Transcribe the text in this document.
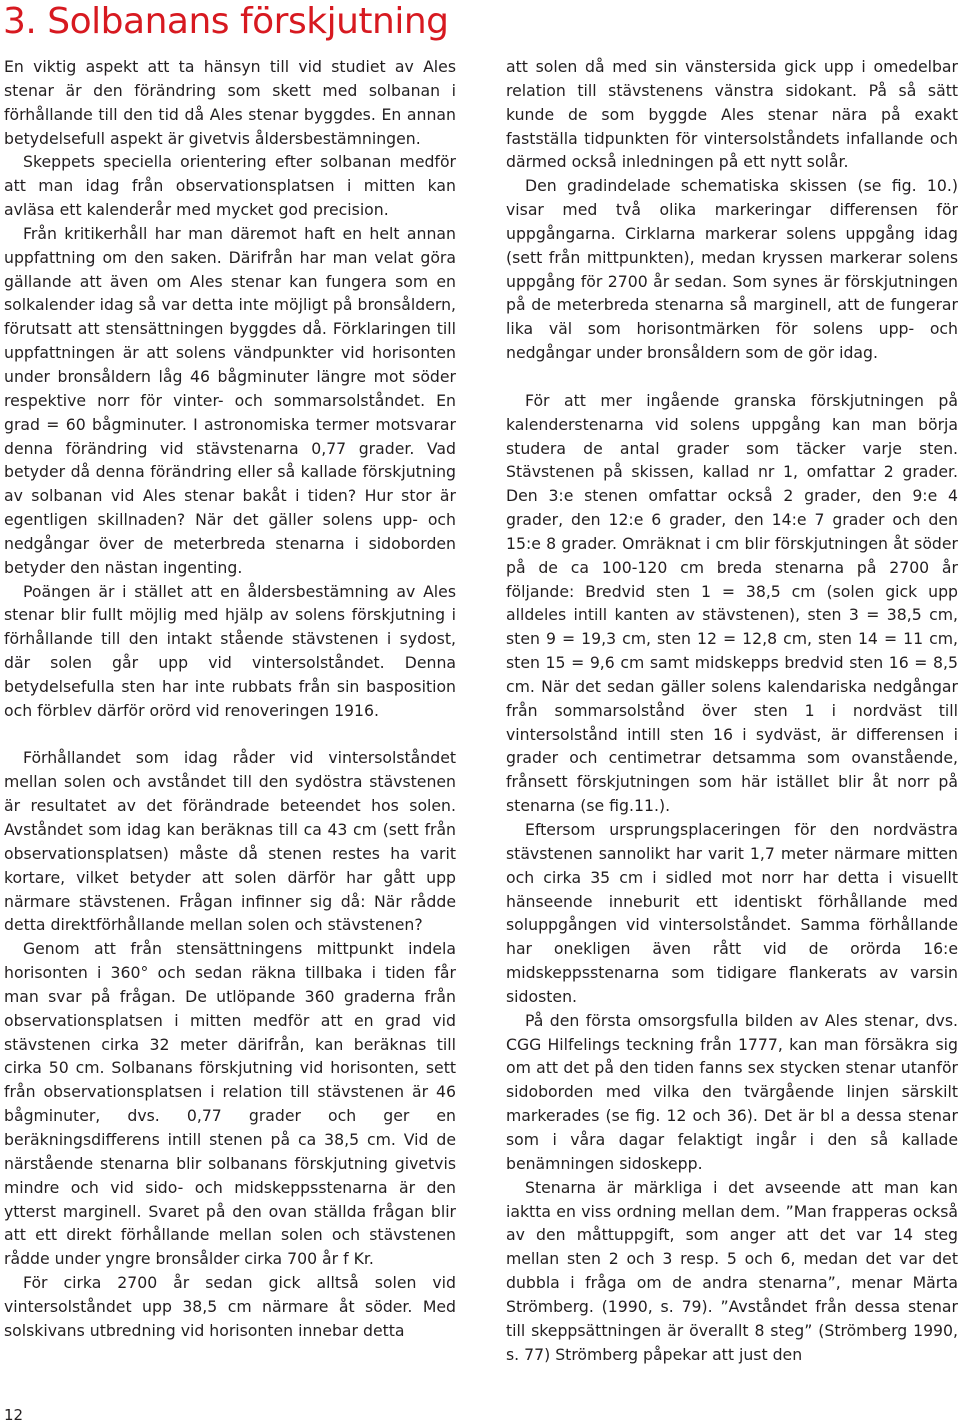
3. Solbanans förskjutning

En viktig aspekt att ta hänsyn till vid studiet av Ales stenar är den förändring som skett med solbanan i förhållande till den tid då Ales stenar byggdes. En annan betydelsefull aspekt är givetvis åldersbestämningen.

Skeppets speciella orientering efter solbanan medför att man idag från observationsplatsen i mitten kan avläsa ett kalenderår med mycket god precision.

Från kritikerhåll har man däremot haft en helt annan uppfattning om den saken. Därifrån har man velat göra gällande att även om Ales stenar kan fungera som en solkalender idag så var detta inte möjligt på bronsåldern, förutsatt att stensättningen byggdes då. Förklaringen till uppfattningen är att solens vändpunkter vid horisonten under bronsåldern låg 46 bågminuter längre mot söder respektive norr för vinter- och sommarsolståndet. En grad = 60 bågminuter. I astronomiska termer motsvarar denna förändring vid stävstenarna 0,77 grader. Vad betyder då denna förändring eller så kallade förskjutning av solbanan vid Ales stenar bakåt i tiden? Hur stor är egentligen skillnaden? När det gäller solens upp- och nedgångar över de meterbreda stenarna i sidoborden betyder den nästan ingenting.

Poängen är i stället att en åldersbestämning av Ales stenar blir fullt möjlig med hjälp av solens förskjutning i förhållande till den intakt stående stävstenen i sydost, där solen går upp vid vintersolståndet. Denna betydelsefulla sten har inte rubbats från sin basposition och förblev därför orörd vid renoveringen 1916.

Förhållandet som idag råder vid vintersolståndet mellan solen och avståndet till den sydöstra stävstenen är resultatet av det förändrade beteendet hos solen. Avståndet som idag kan beräknas till ca 43 cm (sett från observationsplatsen) måste då stenen restes ha varit kortare, vilket betyder att solen därför har gått upp närmare stävstenen. Frågan infinner sig då: När rådde detta direktförhållande mellan solen och stävstenen?

Genom att från stensättningens mittpunkt indela horisonten i 360° och sedan räkna tillbaka i tiden får man svar på frågan. De utlöpande 360 graderna från observationsplatsen i mitten medför att en grad vid stävstenen cirka 32 meter därifrån, kan beräknas till cirka 50 cm. Solbanans förskjutning vid horisonten, sett från observationsplatsen i relation till stävstenen är 46 bågminuter, dvs. 0,77 grader och ger en beräkningsdifferens intill stenen på ca 38,5 cm. Vid de närstående stenarna blir solbanans förskjutning givetvis mindre och vid sido- och midskeppsstenarna är den ytterst marginell. Svaret på den ovan ställda frågan blir att ett direkt förhållande mellan solen och stävstenen rådde under yngre bronsålder cirka 700 år f Kr.

För cirka 2700 år sedan gick alltså solen vid vintersolståndet upp 38,5 cm närmare åt söder. Med solskivans utbredning vid horisonten innebar detta

att solen då med sin vänstersida gick upp i omedelbar relation till stävstenens vänstra sidokant. På så sätt kunde de som byggde Ales stenar nära på exakt fastställa tidpunkten för vintersolståndets infallande och därmed också inledningen på ett nytt solår.

Den gradindelade schematiska skissen (se fig. 10.) visar med två olika markeringar differensen för uppgångarna. Cirklarna markerar solens uppgång idag (sett från mittpunkten), medan kryssen markerar solens uppgång för 2700 år sedan. Som synes är förskjutningen på de meterbreda stenarna så marginell, att de fungerar lika väl som horisontmärken för solens upp- och nedgångar under bronsåldern som de gör idag.

För att mer ingående granska förskjutningen på kalenderstenarna vid solens uppgång kan man börja studera de antal grader som täcker varje sten. Stävstenen på skissen, kallad nr 1, omfattar 2 grader. Den 3:e stenen omfattar också 2 grader, den 9:e 4 grader, den 12:e 6 grader, den 14:e 7 grader och den 15:e 8 grader. Omräknat i cm blir förskjutningen åt söder på de ca 100-120 cm breda stenarna på 2700 år följande: Bredvid sten 1 = 38,5 cm (solen gick upp alldeles intill kanten av stävstenen), sten 3 = 38,5 cm, sten 9 = 19,3 cm, sten 12 = 12,8 cm, sten 14 = 11 cm, sten 15 = 9,6 cm samt midskepps bredvid sten 16 = 8,5 cm. När det sedan gäller solens kalendariska nedgångar från sommarsolstånd över sten 1 i nordväst till vintersolstånd intill sten 16 i sydväst, är differensen i grader och centimetrar detsamma som ovanstående, frånsett förskjutningen som här istället blir åt norr på stenarna (se fig.11.).

Eftersom ursprungsplaceringen för den nordvästra stävstenen sannolikt har varit 1,7 meter närmare mitten och cirka 35 cm i sidled mot norr har detta i visuellt hänseende inneburit ett identiskt förhållande med soluppgången vid vintersolståndet. Samma förhållande har onekligen även rått vid de orörda 16:e midskeppsstenarna som tidigare flankerats av varsin sidosten.

På den första omsorgsfulla bilden av Ales stenar, dvs. CGG Hilfelings teckning från 1777, kan man försäkra sig om att det på den tiden fanns sex stycken stenar utanför sidoborden med vilka den tvärgående linjen särskilt markerades (se fig. 12 och 36). Det är bl a dessa stenar som i våra dagar felaktigt ingår i den så kallade benämningen sidoskepp.

Stenarna är märkliga i det avseende att man kan iaktta en viss ordning mellan dem. ”Man frapperas också av den måttuppgift, som anger att det var 14 steg mellan sten 2 och 3 resp. 5 och 6, medan det var det dubbla i fråga om de andra stenarna”, menar Märta Strömberg. (1990, s. 79). ”Avståndet från dessa stenar till skeppsättningen är överallt 8 steg” (Strömberg 1990, s. 77) Strömberg påpekar att just den

12
